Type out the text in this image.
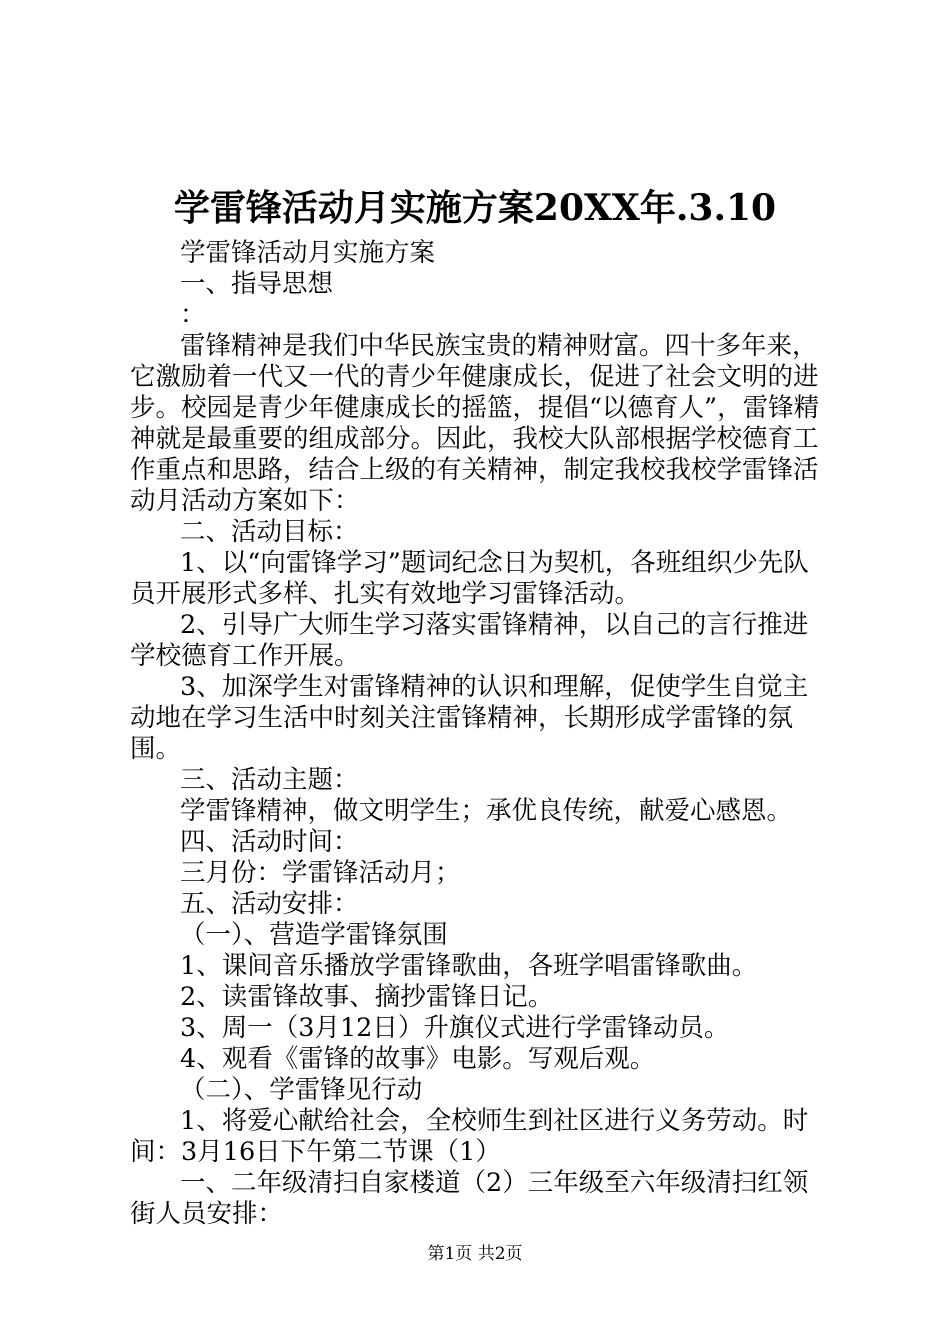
学雷锋活动月实施方案20XX年.3.10

学雷锋活动月实施方案

一、指导思想

：

雷锋精神是我们中华民族宝贵的精神财富。四十多年来，它激励着一代又一代的青少年健康成长，促进了社会文明的进步。校园是青少年健康成长的摇篮，提倡“以德育人”，雷锋精神就是最重要的组成部分。因此，我校大队部根据学校德育工作重点和思路，结合上级的有关精神，制定我校我校学雷锋活动月活动方案如下：

二、活动目标：

1、以“向雷锋学习”题词纪念日为契机，各班组织少先队员开展形式多样、扎实有效地学习雷锋活动。

2、引导广大师生学习落实雷锋精神，以自己的言行推进学校德育工作开展。

3、加深学生对雷锋精神的认识和理解，促使学生自觉主动地在学习生活中时刻关注雷锋精神，长期形成学雷锋的氛围。

三、活动主题：

学雷锋精神，做文明学生；承优良传统，献爱心感恩。

四、活动时间：

三月份：学雷锋活动月；

五、活动安排：

（一）、营造学雷锋氛围

1、课间音乐播放学雷锋歌曲，各班学唱雷锋歌曲。

2、读雷锋故事、摘抄雷锋日记。

3、周一（3月12日）升旗仪式进行学雷锋动员。

4、观看《雷锋的故事》电影。写观后观。

（二）、学雷锋见行动

1、将爱心献给社会，全校师生到社区进行义务劳动。时间：3月16日下午第二节课（1）

一、二年级清扫自家楼道（2）三年级至六年级清扫红领街人员安排：

第1页 共2页
